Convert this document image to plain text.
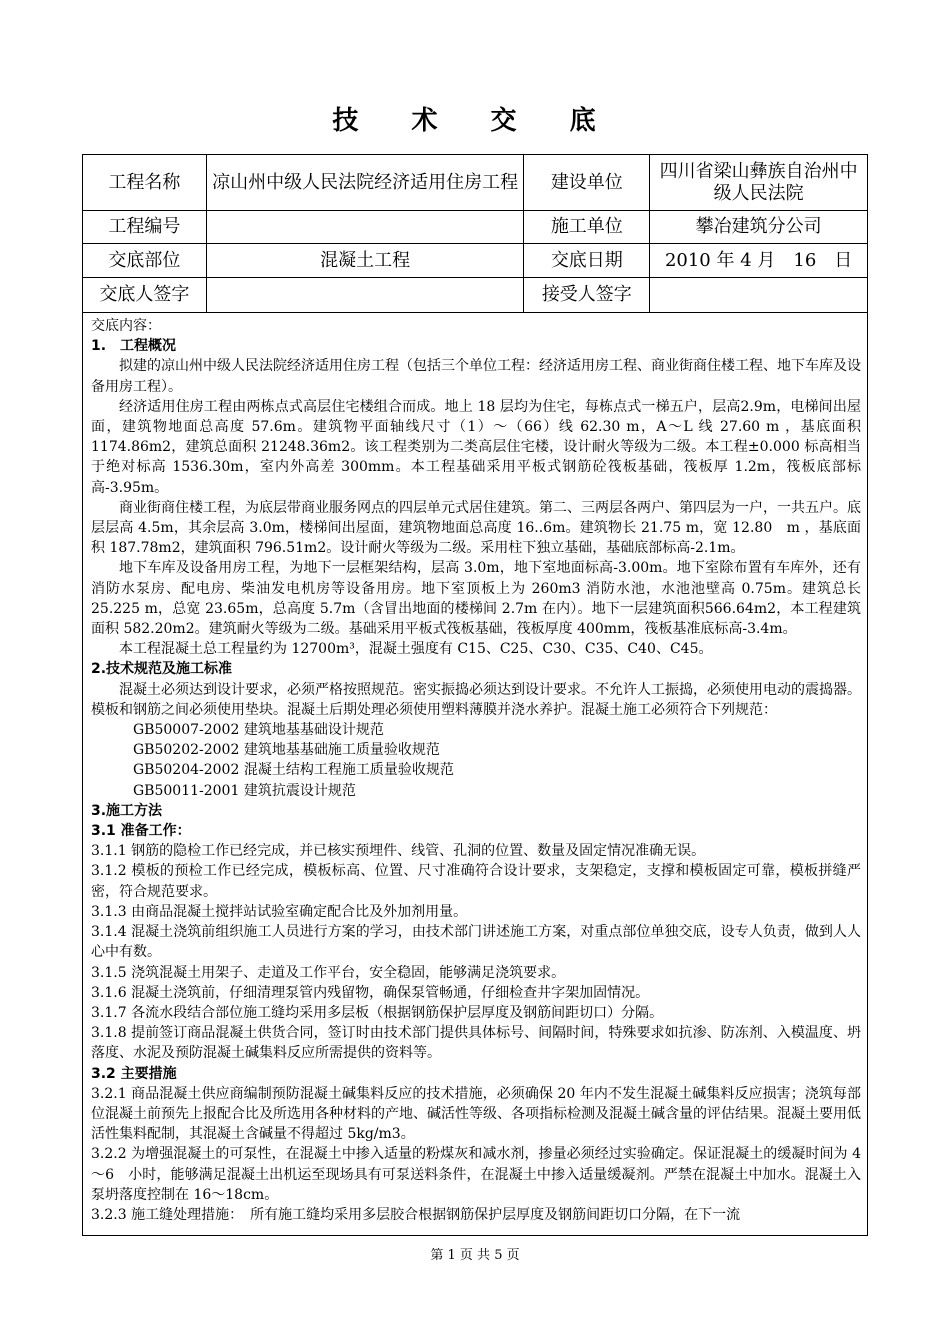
技 术 交 底
工程名称	凉山州中级人民法院经济适用住房工程	建设单位	四川省梁山彝族自治州中级人民法院
工程编号		施工单位	攀冶建筑分公司
交底部位	混凝土工程	交底日期	2010 年 4 月　16　日
交底人签字		接受人签字	
交底内容：
1.　工程概况
拟建的凉山州中级人民法院经济适用住房工程（包括三个单位工程：经济适用房工程、商业街商住楼工程、地下车库及设备用房工程）。
经济适用住房工程由两栋点式高层住宅楼组合而成。地上 18 层均为住宅，每栋点式一梯五户，层高2.9m，电梯间出屋面，建筑物地面总高度 57.6m。建筑物平面轴线尺寸（1）～（66）线 62.30 m，A～L 线 27.60 m ，基底面积 1174.86m2，建筑总面积 21248.36m2。该工程类别为二类高层住宅楼，设计耐火等级为二级。本工程±0.000 标高相当于绝对标高 1536.30m，室内外高差 300mm。本工程基础采用平板式钢筋砼筏板基础，筏板厚 1.2m，筏板底部标高-3.95m。
商业街商住楼工程，为底层带商业服务网点的四层单元式居住建筑。第二、三两层各两户、第四层为一户，一共五户。底层层高 4.5m，其余层高 3.0m，楼梯间出屋面，建筑物地面总高度 16..6m。建筑物长 21.75 m，宽 12.80　m ，基底面积 187.78m2，建筑面积 796.51m2。设计耐火等级为二级。采用柱下独立基础，基础底部标高-2.1m。
地下车库及设备用房工程，为地下一层框架结构，层高 3.0m，地下室地面标高-3.00m。地下室除布置有车库外，还有消防水泵房、配电房、柴油发电机房等设备用房。地下室顶板上为 260m3 消防水池，水池池壁高 0.75m。建筑总长 25.225 m，总宽 23.65m，总高度 5.7m（含冒出地面的楼梯间 2.7m 在内）。地下一层建筑面积566.64m2，本工程建筑面积 582.20m2。建筑耐火等级为二级。基础采用平板式筏板基础，筏板厚度 400mm，筏板基准底标高-3.4m。
本工程混凝土总工程量约为 12700m³，混凝土强度有 C15、C25、C30、C35、C40、C45。
2.技术规范及施工标准
混凝土必须达到设计要求，必须严格按照规范。密实振捣必须达到设计要求。不允许人工振捣，必须使用电动的震捣器。模板和钢筋之间必须使用垫块。混凝土后期处理必须使用塑料薄膜并浇水养护。混凝土施工必须符合下列规范：
GB50007-2002 建筑地基基础设计规范
GB50202-2002 建筑地基基础施工质量验收规范
GB50204-2002 混凝土结构工程施工质量验收规范
GB50011-2001 建筑抗震设计规范
3.施工方法
3.1 准备工作：
3.1.1 钢筋的隐检工作已经完成，并已核实预埋件、线管、孔洞的位置、数量及固定情况准确无误。
3.1.2 模板的预检工作已经完成，模板标高、位置、尺寸准确符合设计要求，支架稳定，支撑和模板固定可靠，模板拼缝严密，符合规范要求。
3.1.3 由商品混凝土搅拌站试验室确定配合比及外加剂用量。
3.1.4 混凝土浇筑前组织施工人员进行方案的学习，由技术部门讲述施工方案，对重点部位单独交底，设专人负责，做到人人心中有数。
3.1.5 浇筑混凝土用架子、走道及工作平台，安全稳固，能够满足浇筑要求。
3.1.6 混凝土浇筑前，仔细清理泵管内残留物，确保泵管畅通，仔细检查井字架加固情况。
3.1.7 各流水段结合部位施工缝均采用多层板（根据钢筋保护层厚度及钢筋间距切口）分隔。
3.1.8 提前签订商品混凝土供货合同，签订时由技术部门提供具体标号、间隔时间，特殊要求如抗渗、防冻剂、入模温度、坍落度、水泥及预防混凝土碱集料反应所需提供的资料等。
3.2 主要措施
3.2.1 商品混凝土供应商编制预防混凝土碱集料反应的技术措施，必须确保 20 年内不发生混凝土碱集料反应损害；浇筑每部位混凝土前预先上报配合比及所选用各种材料的产地、碱活性等级、各项指标检测及混凝土碱含量的评估结果。混凝土要用低活性集料配制，其混凝土含碱量不得超过 5kg/m3。
3.2.2 为增强混凝土的可泵性，在混凝土中掺入适量的粉煤灰和减水剂，掺量必须经过实验确定。保证混凝土的缓凝时间为 4～6　小时，能够满足混凝土出机运至现场具有可泵送料条件，在混凝土中掺入适量缓凝剂。严禁在混凝土中加水。混凝土入泵坍落度控制在 16～18cm。
3.2.3 施工缝处理措施：　所有施工缝均采用多层胶合根据钢筋保护层厚度及钢筋间距切口分隔，在下一流
第 1 页 共 5 页
